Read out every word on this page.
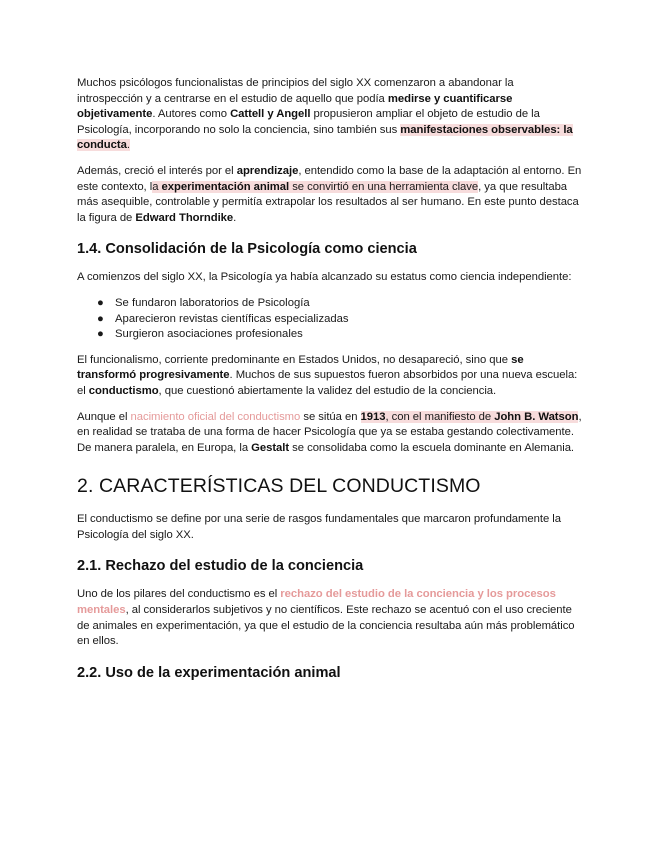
Muchos psicólogos funcionalistas de principios del siglo XX comenzaron a abandonar la introspección y a centrarse en el estudio de aquello que podía medirse y cuantificarse objetivamente. Autores como Cattell y Angell propusieron ampliar el objeto de estudio de la Psicología, incorporando no solo la conciencia, sino también sus manifestaciones observables: la conducta.

Además, creció el interés por el aprendizaje, entendido como la base de la adaptación al entorno. En este contexto, la experimentación animal se convirtió en una herramienta clave, ya que resultaba más asequible, controlable y permitía extrapolar los resultados al ser humano. En este punto destaca la figura de Edward Thorndike.

1.4. Consolidación de la Psicología como ciencia

A comienzos del siglo XX, la Psicología ya había alcanzado su estatus como ciencia independiente:

● Se fundaron laboratorios de Psicología
● Aparecieron revistas científicas especializadas
● Surgieron asociaciones profesionales

El funcionalismo, corriente predominante en Estados Unidos, no desapareció, sino que se transformó progresivamente. Muchos de sus supuestos fueron absorbidos por una nueva escuela: el conductismo, que cuestionó abiertamente la validez del estudio de la conciencia.

Aunque el nacimiento oficial del conductismo se sitúa en 1913, con el manifiesto de John B. Watson, en realidad se trataba de una forma de hacer Psicología que ya se estaba gestando colectivamente. De manera paralela, en Europa, la Gestalt se consolidaba como la escuela dominante en Alemania.

2. CARACTERÍSTICAS DEL CONDUCTISMO

El conductismo se define por una serie de rasgos fundamentales que marcaron profundamente la Psicología del siglo XX.

2.1. Rechazo del estudio de la conciencia

Uno de los pilares del conductismo es el rechazo del estudio de la conciencia y los procesos mentales, al considerarlos subjetivos y no científicos. Este rechazo se acentuó con el uso creciente de animales en experimentación, ya que el estudio de la conciencia resultaba aún más problemático en ellos.

2.2. Uso de la experimentación animal
